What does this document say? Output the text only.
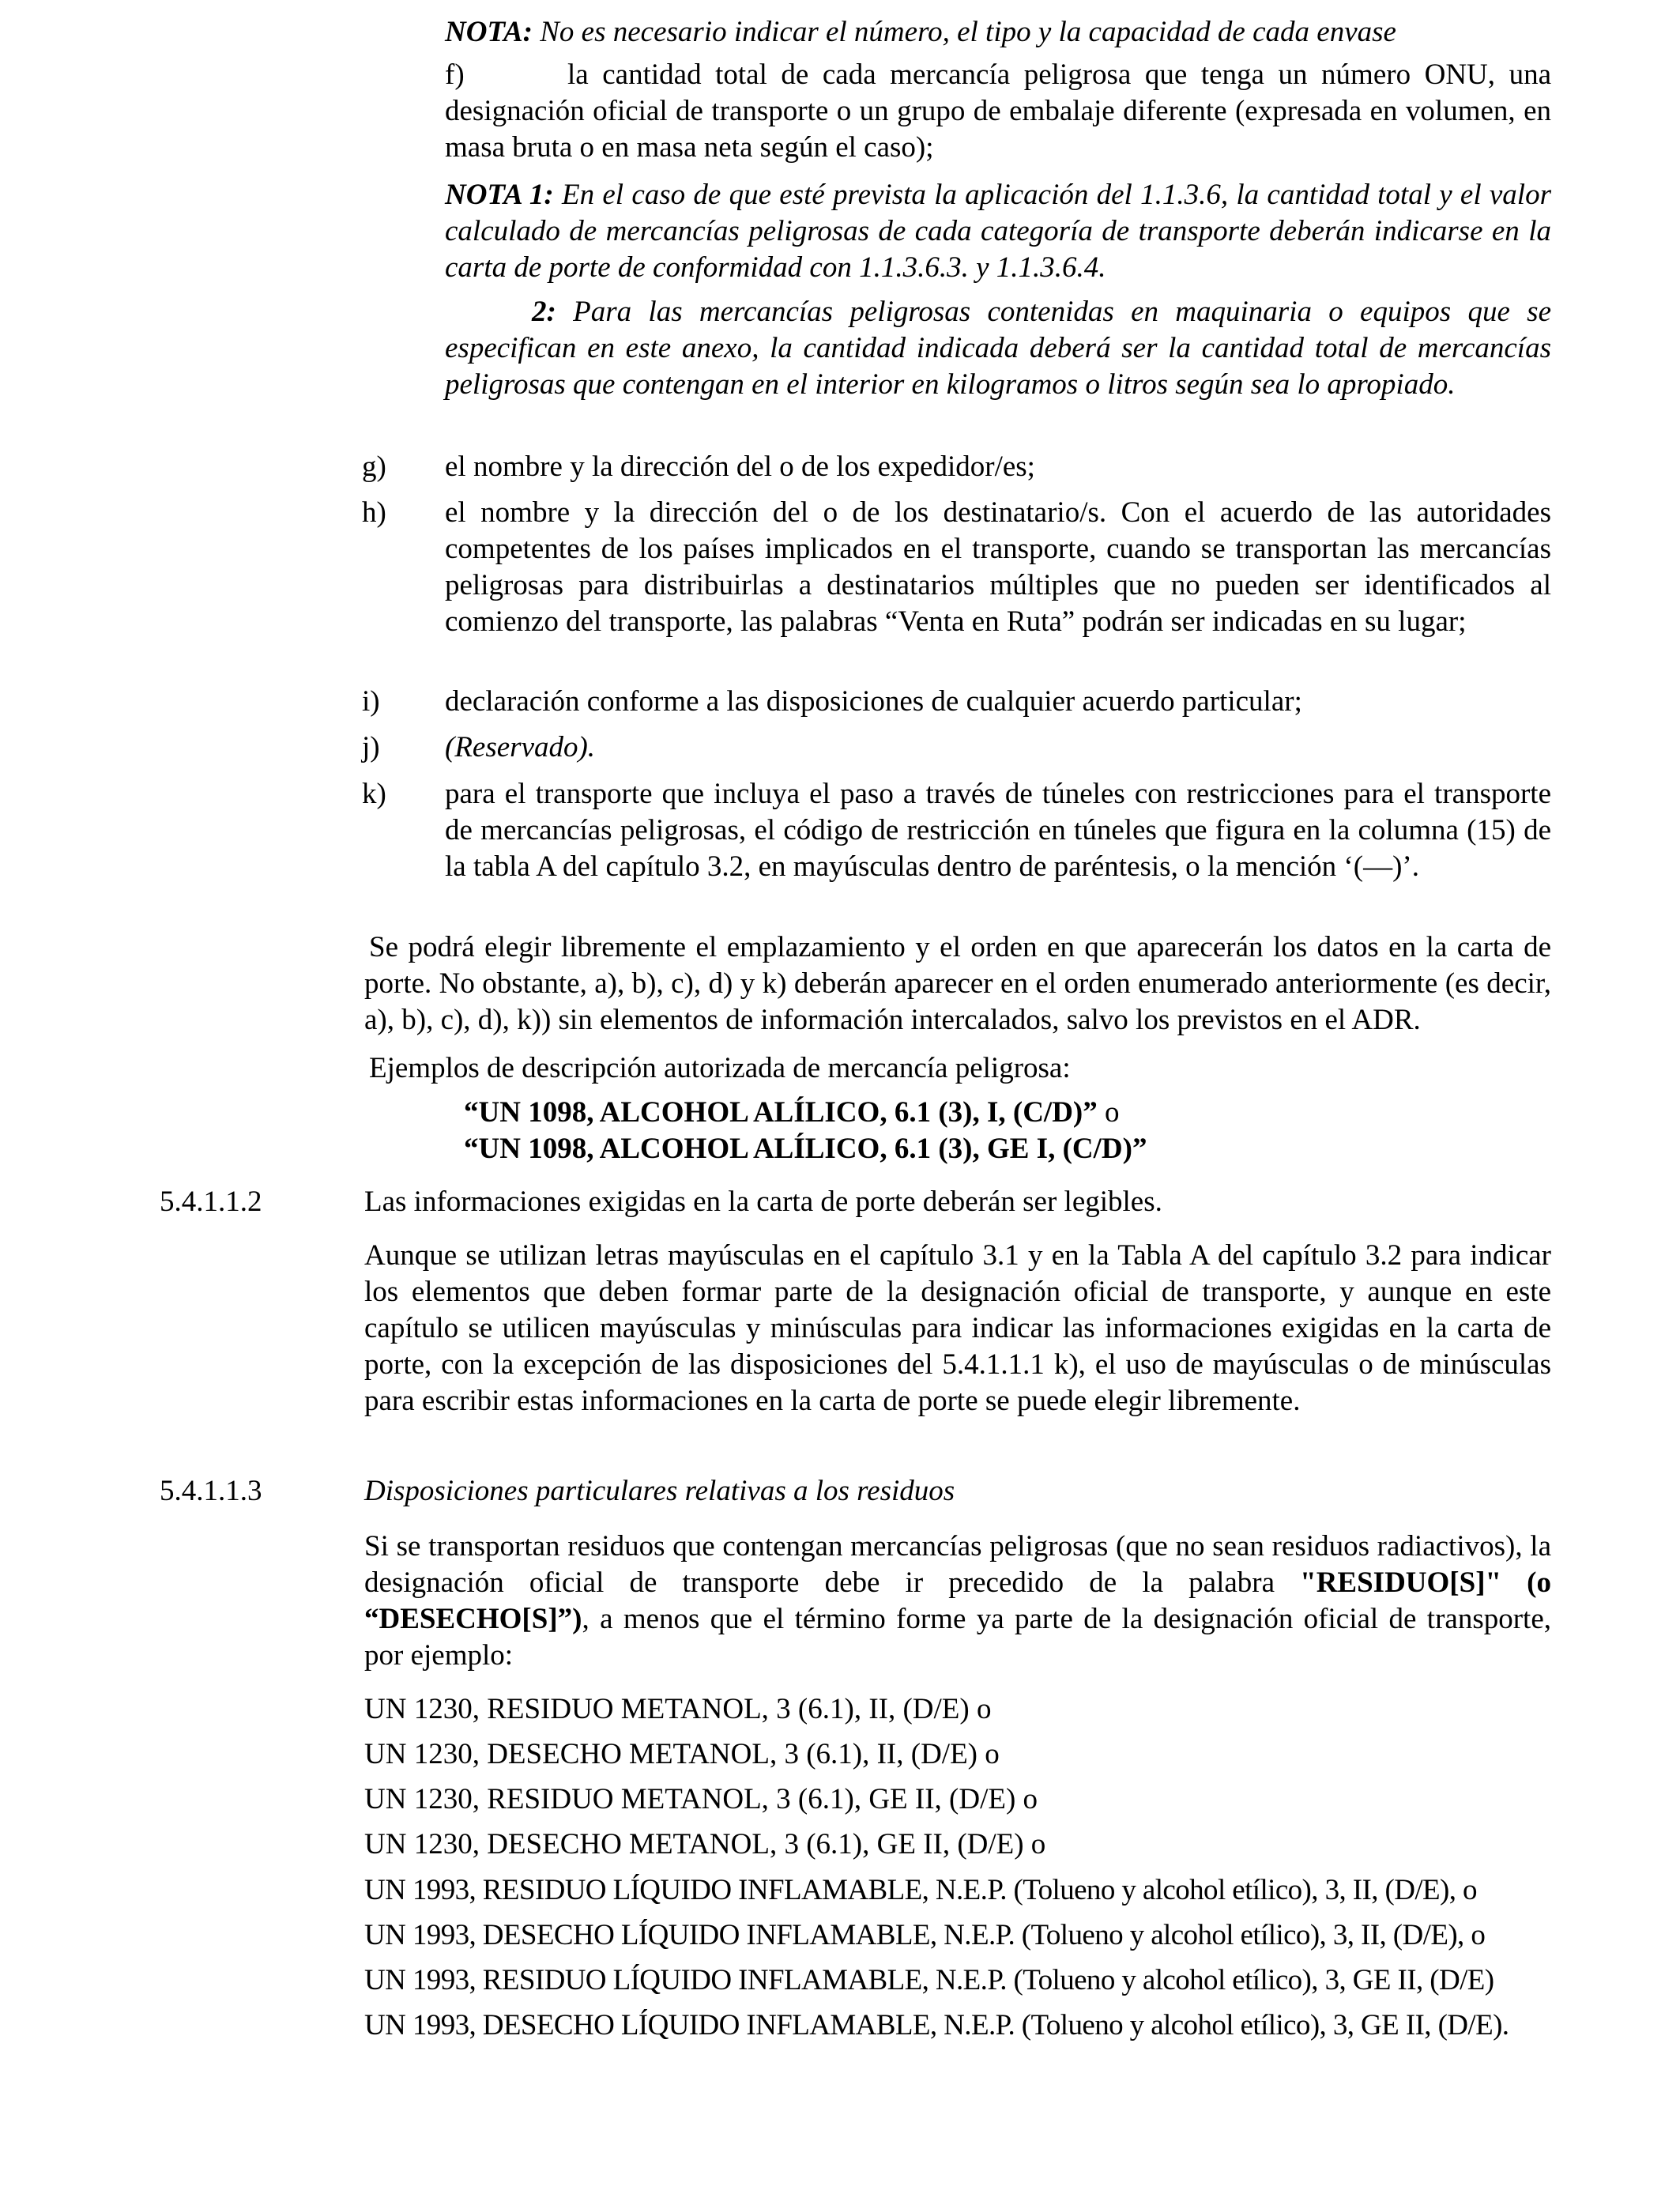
NOTA: No es necesario indicar el número, el tipo y la capacidad de cada envase

f)	la cantidad total de cada mercancía peligrosa que tenga un número ONU, una designación oficial de transporte o un grupo de embalaje diferente (expresada en volumen, en masa bruta o en masa neta según el caso);

NOTA 1: En el caso de que esté prevista la aplicación del 1.1.3.6, la cantidad total y el valor calculado de mercancías peligrosas de cada categoría de transporte deberán indicarse en la carta de porte de conformidad con 1.1.3.6.3. y 1.1.3.6.4.

2: Para las mercancías peligrosas contenidas en maquinaria o equipos que se especifican en este anexo, la cantidad indicada deberá ser la cantidad total de mercancías peligrosas que contengan en el interior en kilogramos o litros según sea lo apropiado.

g) el nombre y la dirección del o de los expedidor/es;

h) el nombre y la dirección del o de los destinatario/s. Con el acuerdo de las autoridades competentes de los países implicados en el transporte, cuando se transportan las mercancías peligrosas para distribuirlas a destinatarios múltiples que no pueden ser identificados al comienzo del transporte, las palabras “Venta en Ruta” podrán ser indicadas en su lugar;

i) declaración conforme a las disposiciones de cualquier acuerdo particular;

j) (Reservado).

k) para el transporte que incluya el paso a través de túneles con restricciones para el transporte de mercancías peligrosas, el código de restricción en túneles que figura en la columna (15) de la tabla A del capítulo 3.2, en mayúsculas dentro de paréntesis, o la mención ‘(—)’.

Se podrá elegir libremente el emplazamiento y el orden en que aparecerán los datos en la carta de porte. No obstante, a), b), c), d) y k) deberán aparecer en el orden enumerado anteriormente (es decir, a), b), c), d), k)) sin elementos de información intercalados, salvo los previstos en el ADR.

Ejemplos de descripción autorizada de mercancía peligrosa:

“UN 1098, ALCOHOL ALÍLICO, 6.1 (3), I, (C/D)” o

“UN 1098, ALCOHOL ALÍLICO, 6.1 (3), GE I, (C/D)”

5.4.1.1.2	Las informaciones exigidas en la carta de porte deberán ser legibles.

Aunque se utilizan letras mayúsculas en el capítulo 3.1 y en la Tabla A del capítulo 3.2 para indicar los elementos que deben formar parte de la designación oficial de transporte, y aunque en este capítulo se utilicen mayúsculas y minúsculas para indicar las informaciones exigidas en la carta de porte, con la excepción de las disposiciones del 5.4.1.1.1 k), el uso de mayúsculas o de minúsculas para escribir estas informaciones en la carta de porte se puede elegir libremente.

5.4.1.1.3	Disposiciones particulares relativas a los residuos

Si se transportan residuos que contengan mercancías peligrosas (que no sean residuos radiactivos), la designación oficial de transporte debe ir precedido de la palabra "RESIDUO[S]" (o “DESECHO[S]”), a menos que el término forme ya parte de la designación oficial de transporte, por ejemplo:

UN 1230, RESIDUO METANOL, 3 (6.1), II, (D/E) o

UN 1230, DESECHO METANOL, 3 (6.1), II, (D/E) o

UN 1230, RESIDUO METANOL, 3 (6.1), GE II, (D/E) o

UN 1230, DESECHO METANOL, 3 (6.1), GE II, (D/E) o

UN 1993, RESIDUO LÍQUIDO INFLAMABLE, N.E.P. (Tolueno y alcohol etílico), 3, II, (D/E), o

UN 1993, DESECHO LÍQUIDO INFLAMABLE, N.E.P. (Tolueno y alcohol etílico), 3, II, (D/E), o

UN 1993, RESIDUO LÍQUIDO INFLAMABLE, N.E.P. (Tolueno y alcohol etílico), 3, GE II, (D/E)

UN 1993, DESECHO LÍQUIDO INFLAMABLE, N.E.P. (Tolueno y alcohol etílico), 3, GE II, (D/E).
